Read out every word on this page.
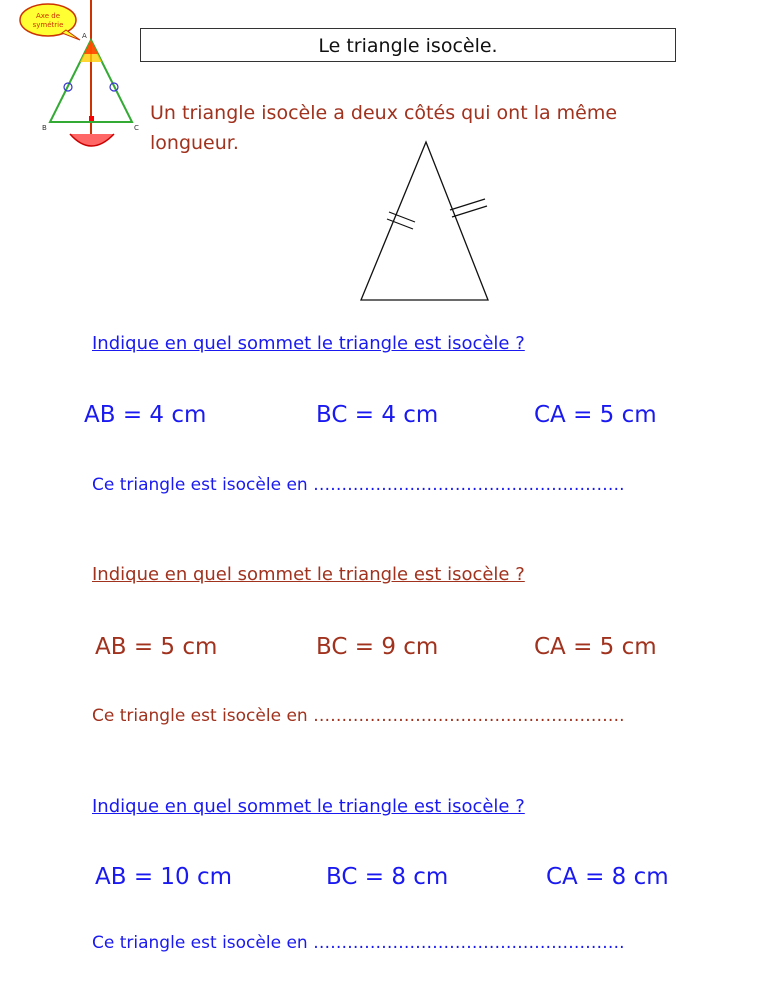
Axe de
symétrie
A
B	C
Le triangle isocèle.
Un triangle isocèle a deux côtés qui ont la même longueur.
Indique en quel sommet le triangle est isocèle ?
AB = 4 cm	BC = 4 cm	CA = 5 cm
Ce triangle est isocèle en ……………………………………………….
Indique en quel sommet le triangle est isocèle ?
AB = 5 cm	BC = 9 cm	CA = 5 cm
Ce triangle est isocèle en ……………………………………………….
Indique en quel sommet le triangle est isocèle ?
AB = 10 cm	BC = 8 cm	CA = 8 cm
Ce triangle est isocèle en ……………………………………………….
